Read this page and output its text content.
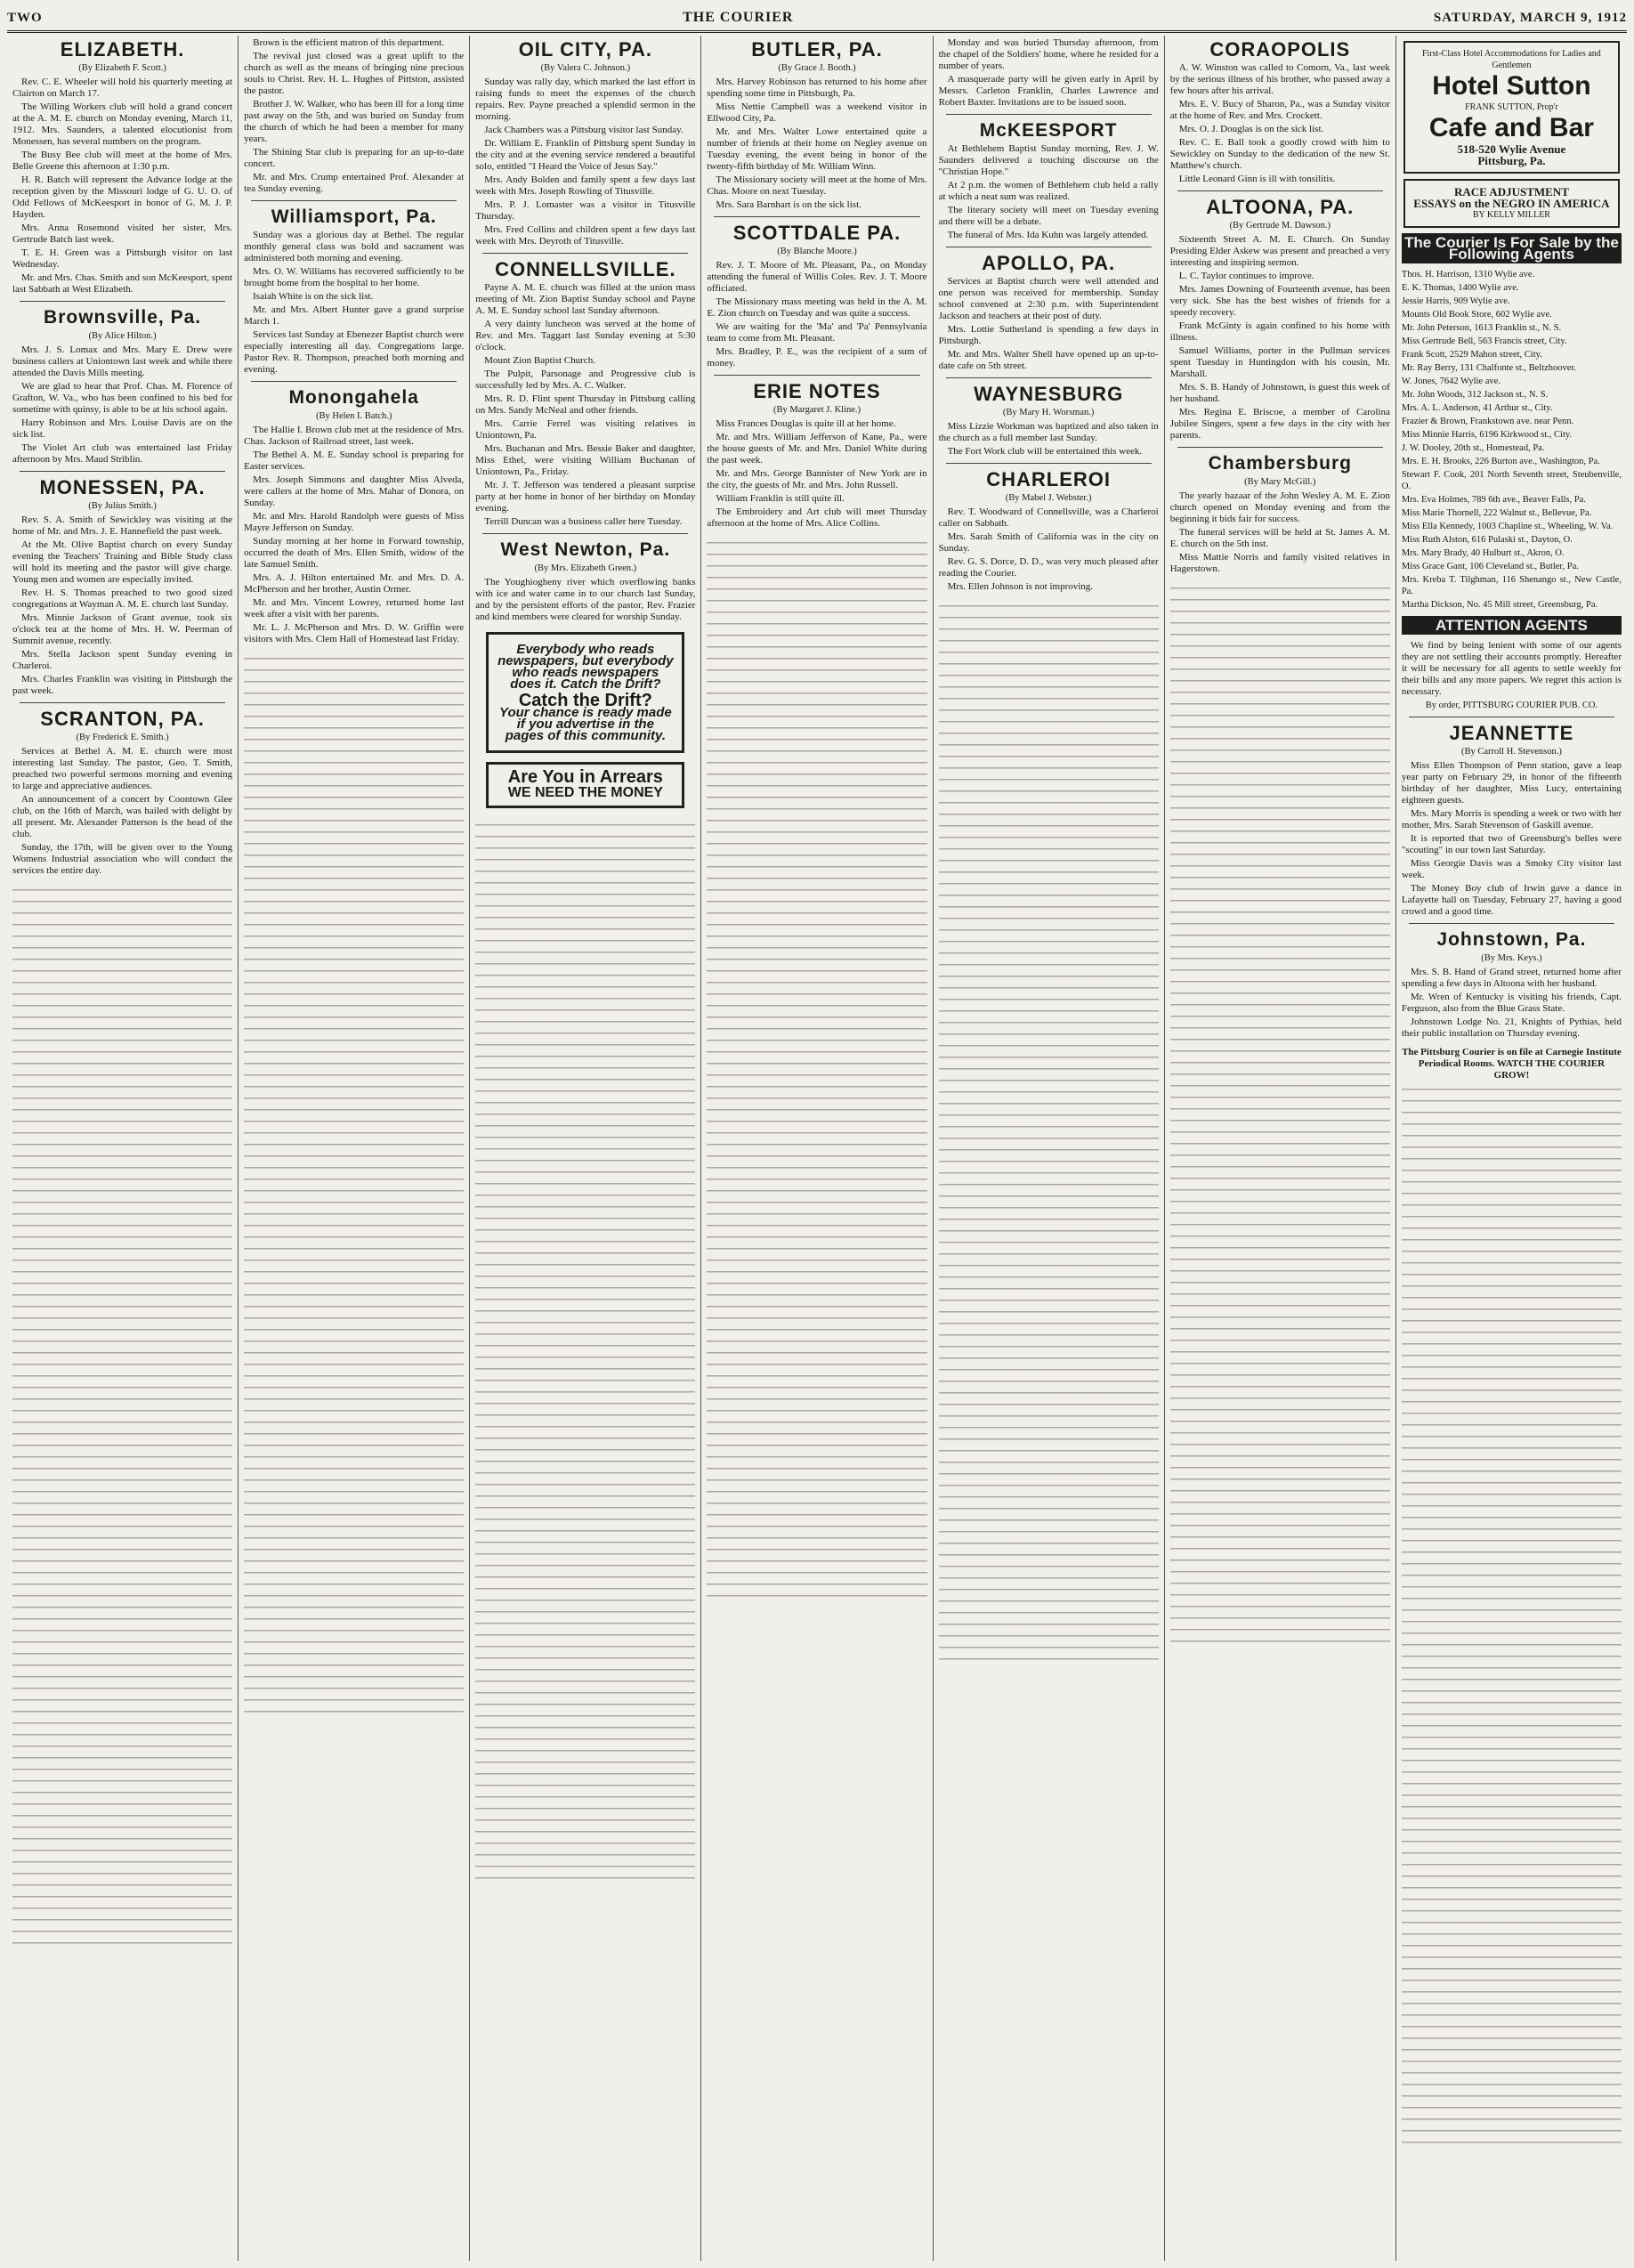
TWO	THE COURIER	SATURDAY, MARCH 9, 1912
ELIZABETH.
(By Elizabeth F. Scott.)

Rev. C. E. Wheeler will hold his quarterly meeting at Clairton on March 17.

The Willing Workers club will hold a grand concert at the A. M. E. church on Monday evening, March 11, 1912. Mrs. Saunders, a talented elocutionist from Monessen, has several numbers on the program.

The Busy Bee club will meet at the home of Mrs. Belle Greene this afternoon at 1:30 p.m.

H. R. Batch will represent the Advance lodge at the reception given by the Missouri lodge of G. U. O. of Odd Fellows of McKeesport in honor of G. M. J. P. Hayden.

Mrs. Anna Rosemond visited her sister, Mrs. Gertrude Batch last week.

T. E. H. Green was a Pittsburgh visitor on last Wednesday.

Mr. and Mrs. Chas. Smith and son McKeesport, spent last Sabbath at West Elizabeth.

Brownsville, Pa.
(By Alice Hilton.)

Mrs. J. S. Lomax and Mrs. Mary E. Drew were business callers at Uniontown last week and while there attended the Davis Mills meeting.

We are glad to hear that Prof. Chas. M. Florence of Grafton, W. Va., who has been confined to his bed for sometime with quinsy, is able to be at his school again.

Harry Robinson and Mrs. Louise Davis are on the sick list.

The Violet Art club was entertained last Friday afternoon by Mrs. Maud Striblin.

MONESSEN, PA.
(By Julius Smith.)

Rev. S. A. Smith of Sewickley was visiting at the home of Mr. and Mrs. J. E. Hannefield the past week.

At the Mt. Olive Baptist church on every Sunday evening the Teachers' Training and Bible Study class will hold its meeting and the pastor will give charge. Young men and women are especially invited.

Rev. H. S. Thomas preached to two good sized congregations at Wayman A. M. E. church last Sunday.

Mrs. Minnie Jackson of Grant avenue, took six o'clock tea at the home of Mrs. H. W. Peerman of Summit avenue, recently.

Mrs. Stella Jackson spent Sunday evening in Charleroi.

Mrs. Charles Franklin was visiting in Pittsburgh the past week.

SCRANTON, PA.
(By Frederick E. Smith.)

Services at Bethel A. M. E. church were most interesting last Sunday. The pastor, Geo. T. Smith, preached two powerful sermons morning and evening to large and appreciative audiences.

An announcement of a concert by Coontown Glee club, on the 16th of March, was hailed with delight by all present. Mr. Alexander Patterson is the head of the club.

Sunday, the 17th, will be given over to the Young Womens Industrial association who will conduct the services the entire day.

Brown is the efficient matron of this department.

The revival just closed was a great uplift to the church as well as the means of bringing nine precious souls to Christ. Rev. H. L. Hughes of Pittston, assisted the pastor.

Brother J. W. Walker, who has been ill for a long time past away on the 5th, and was buried on Sunday from the church of which he had been a member for many years.

The Shining Star club is preparing for an up-to-date concert.

Mr. and Mrs. Crump entertained Prof. Alexander at tea Sunday evening.

Williamsport, Pa.

Sunday was a glorious day at Bethel. The regular monthly general class was bold and sacrament was administered both morning and evening.

Mrs. O. W. Williams has recovered sufficiently to be brought home from the hospital to her home.

Isaiah White is on the sick list.

Mr. and Mrs. Albert Hunter gave a grand surprise March 1.

Services last Sunday at Ebenezer Baptist church were especially interesting all day. Congregations large. Pastor Rev. R. Thompson, preached both morning and evening.

Monongahela
(By Helen I. Batch.)

The Hallie I. Brown club met at the residence of Mrs. Chas. Jackson of Railroad street, last week.

The Bethel A. M. E. Sunday school is preparing for Easter services.

Mrs. Joseph Simmons and daughter Miss Alveda, were callers at the home of Mrs. Mahar of Donora, on Sunday.

Mr. and Mrs. Harold Randolph were guests of Miss Mayre Jefferson on Sunday.

Sunday morning at her home in Forward township, occurred the death of Mrs. Ellen Smith, widow of the late Samuel Smith.

Mrs. A. J. Hilton entertained Mr. and Mrs. D. A. McPherson and her brother, Austin Ormer.

Mr. and Mrs. Vincent Lowrey, returned home last week after a visit with her parents.

Mr. L. J. McPherson and Mrs. D. W. Griffin were visitors with Mrs. Clem Hall of Homestead last Friday.

OIL CITY, PA.
(By Valera C. Johnson.)

Sunday was rally day, which marked the last effort in raising funds to meet the expenses of the church repairs. Rev. Payne preached a splendid sermon in the morning.

Jack Chambers was a Pittsburg visitor last Sunday.

Dr. William E. Franklin of Pittsburg spent Sunday in the city and at the evening service rendered a beautiful solo, entitled "I Heard the Voice of Jesus Say."

Mrs. Andy Bolden and family spent a few days last week with Mrs. Joseph Rowling of Titusville.

Mrs. P. J. Lomaster was a visitor in Titusville Thursday.

Mrs. Fred Collins and children spent a few days last week with Mrs. Deyroth of Titusville.

CONNELLSVILLE.

Payne A. M. E. church was filled at the union mass meeting of Mt. Zion Baptist Sunday school and Payne A. M. E. Sunday school last Sunday afternoon.

A very dainty luncheon was served at the home of Rev. and Mrs. Taggart last Sunday evening at 5:30 o'clock.

Mount Zion Baptist Church.

The Pulpit, Parsonage and Progressive club is successfully led by Mrs. A. C. Walker.

Mrs. R. D. Flint spent Thursday in Pittsburg calling on Mrs. Sandy McNeal and other friends.

Mrs. Carrie Ferrel was visiting relatives in Uniontown, Pa.

Mrs. Buchanan and Mrs. Bessie Baker and daughter, Miss Ethel, were visiting William Buchanan of Uniontown, Pa., Friday.

Mr. J. T. Jefferson was tendered a pleasant surprise party at her home in honor of her birthday on Monday evening.

Terrill Duncan was a business caller here Tuesday.

West Newton, Pa.
(By Mrs. Elizabeth Green.)

The Youghiogheny river which overflowing banks with ice and water came in to our church last Sunday, and by the persistent efforts of the pastor, Rev. Frazier and kind members were cleared for worship Sunday.

Everybody who reads newspapers, but everybody who reads newspapers does it. Catch the Drift?
Catch the Drift?
Your chance is ready made if you advertise in the pages of this community.
Are You in Arrears
WE NEED THE MONEY
BUTLER, PA.
(By Grace J. Booth.)

Mrs. Harvey Robinson has returned to his home after spending some time in Pittsburgh, Pa.

Miss Nettie Campbell was a weekend visitor in Ellwood City, Pa.

Mr. and Mrs. Walter Lowe entertained quite a number of friends at their home on Negley avenue on Tuesday evening, the event being in honor of the twenty-fifth birthday of Mr. William Winn.

The Missionary society will meet at the home of Mrs. Chas. Moore on next Tuesday.

Mrs. Sara Barnhart is on the sick list.

SCOTTDALE PA.
(By Blanche Moore.)

Rev. J. T. Moore of Mt. Pleasant, Pa., on Monday attending the funeral of Willis Coles. Rev. J. T. Moore officiated.

The Missionary mass meeting was held in the A. M. E. Zion church on Tuesday and was quite a success.

We are waiting for the 'Ma' and 'Pa' Pennsylvania team to come from Mt. Pleasant.

Mrs. Bradley, P. E., was the recipient of a sum of money.

ERIE NOTES
(By Margaret J. Kline.)

Miss Frances Douglas is quite ill at her home.

Mr. and Mrs. William Jefferson of Kane, Pa., were the house guests of Mr. and Mrs. Daniel White during the past week.

Mr. and Mrs. George Bannister of New York are in the city, the guests of Mr. and Mrs. John Russell.

William Franklin is still quite ill.

The Embroidery and Art club will meet Thursday afternoon at the home of Mrs. Alice Collins.

Monday and was buried Thursday afternoon, from the chapel of the Soldiers' home, where he resided for a number of years.

A masquerade party will be given early in April by Messrs. Carleton Franklin, Charles Lawrence and Robert Baxter. Invitations are to be issued soon.

McKEESPORT

At Bethlehem Baptist Sunday morning, Rev. J. W. Saunders delivered a touching discourse on the "Christian Hope."

At 2 p.m. the women of Bethlehem club held a rally at which a neat sum was realized.

The literary society will meet on Tuesday evening and there will be a debate.

The funeral of Mrs. Ida Kuhn was largely attended.

APOLLO, PA.

Services at Baptist church were well attended and one person was received for membership. Sunday school convened at 2:30 p.m. with Superintendent Jackson and teachers at their post of duty.

Mrs. Lottie Sutherland is spending a few days in Pittsburgh.

Mr. and Mrs. Walter Shell have opened up an up-to-date cafe on 5th street.

WAYNESBURG
(By Mary H. Worsman.)

Miss Lizzie Workman was baptized and also taken in the church as a full member last Sunday.

The Fort Work club will be entertained this week.

CHARLEROI
(By Mabel J. Webster.)

Rev. T. Woodward of Connellsville, was a Charleroi caller on Sabbath.

Mrs. Sarah Smith of California was in the city on Sunday.

Rev. G. S. Dorce, D. D., was very much pleased after reading the Courier.

Mrs. Ellen Johnson is not improving.

CORAOPOLIS

A. W. Winston was called to Comorn, Va., last week by the serious illness of his brother, who passed away a few hours after his arrival.

Mrs. E. V. Bucy of Sharon, Pa., was a Sunday visitor at the home of Rev. and Mrs. Crockett.

Mrs. O. J. Douglas is on the sick list.

Rev. C. E. Ball took a goodly crowd with him to Sewickley on Sunday to the dedication of the new St. Matthew's church.

Little Leonard Ginn is ill with tonsilitis.

ALTOONA, PA.
(By Gertrude M. Dawson.)

Sixteenth Street A. M. E. Church. On Sunday Presiding Elder Askew was present and preached a very interesting and inspiring sermon.

L. C. Taylor continues to improve.

Mrs. James Downing of Fourteenth avenue, has been very sick. She has the best wishes of friends for a speedy recovery.

Frank McGinty is again confined to his home with illness.

Samuel Williams, porter in the Pullman services spent Tuesday in Huntingdon with his cousin, Mr. Marshall.

Mrs. S. B. Handy of Johnstown, is guest this week of her husband.

Mrs. Regina E. Briscoe, a member of Carolina Jubilee Singers, spent a few days in the city with her parents.

Chambersburg
(By Mary McGill.)

The yearly bazaar of the John Wesley A. M. E. Zion church opened on Monday evening and from the beginning it bids fair for success.

The funeral services will be held at St. James A. M. E. church on the 5th inst.

Miss Mattie Norris and family visited relatives in Hagerstown.

First-Class Hotel Accommodations for Ladies and Gentlemen
Hotel Sutton
FRANK SUTTON, Prop'r
Cafe and Bar
518-520 Wylie Avenue
Pittsburg, Pa.
RACE ADJUSTMENT
ESSAYS on the NEGRO IN AMERICA
BY KELLY MILLER
The Courier Is For Sale by the Following Agents

Thos. H. Harrison, 1310 Wylie ave.

E. K. Thomas, 1400 Wylie ave.

Jessie Harris, 909 Wylie ave.

Mounts Old Book Store, 602 Wylie ave.

Mr. John Peterson, 1613 Franklin st., N. S.

Miss Gertrude Bell, 563 Francis street, City.

Frank Scott, 2529 Mahon street, City.

Mr. Ray Berry, 131 Chalfonte st., Beltzhoover.

W. Jones, 7642 Wylie ave.

Mr. John Woods, 312 Jackson st., N. S.

Mrs. A. L. Anderson, 41 Arthur st., City.

Frazier & Brown, Frankstown ave. near Penn.

Miss Minnie Harris, 6196 Kirkwood st., City.

J. W. Dooley, 20th st., Homestead, Pa.

Mrs. E. H. Brooks, 226 Burton ave., Washington, Pa.

Stewart F. Cook, 201 North Seventh street, Steubenville, O.

Mrs. Eva Holmes, 789 6th ave., Beaver Falls, Pa.

Miss Marie Thornell, 222 Walnut st., Bellevue, Pa.

Miss Ella Kennedy, 1003 Chapline st., Wheeling, W. Va.

Miss Ruth Alston, 616 Pulaski st., Dayton, O.

Mrs. Mary Brady, 40 Hulburt st., Akron, O.

Miss Grace Gant, 106 Cleveland st., Butler, Pa.

Mrs. Kreba T. Tilghman, 116 Shenango st., New Castle, Pa.

Martha Dickson, No. 45 Mill street, Greensburg, Pa.

ATTENTION AGENTS

We find by being lenient with some of our agents they are not settling their accounts promptly. Hereafter it will be necessary for all agents to settle weekly for their bills and any more papers. We regret this action is necessary.

By order, PITTSBURG COURIER PUB. CO.
JEANNETTE
(By Carroll H. Stevenson.)

Miss Ellen Thompson of Penn station, gave a leap year party on February 29, in honor of the fifteenth birthday of her daughter, Miss Lucy, entertaining eighteen guests.

Mrs. Mary Morris is spending a week or two with her mother, Mrs. Sarah Stevenson of Gaskill avenue.

It is reported that two of Greensburg's belles were "scouting" in our town last Saturday.

Miss Georgie Davis was a Smoky City visitor last week.

The Money Boy club of Irwin gave a dance in Lafayette hall on Tuesday, February 27, having a good crowd and a good time.

Johnstown, Pa.
(By Mrs. Keys.)

Mrs. S. B. Hand of Grand street, returned home after spending a few days in Altoona with her husband.

Mr. Wren of Kentucky is visiting his friends, Capt. Ferguson, also from the Blue Grass State.

Johnstown Lodge No. 21, Knights of Pythias, held their public installation on Thursday evening.

The Pittsburg Courier is on file at Carnegie Institute Periodical Rooms. WATCH THE COURIER GROW!
